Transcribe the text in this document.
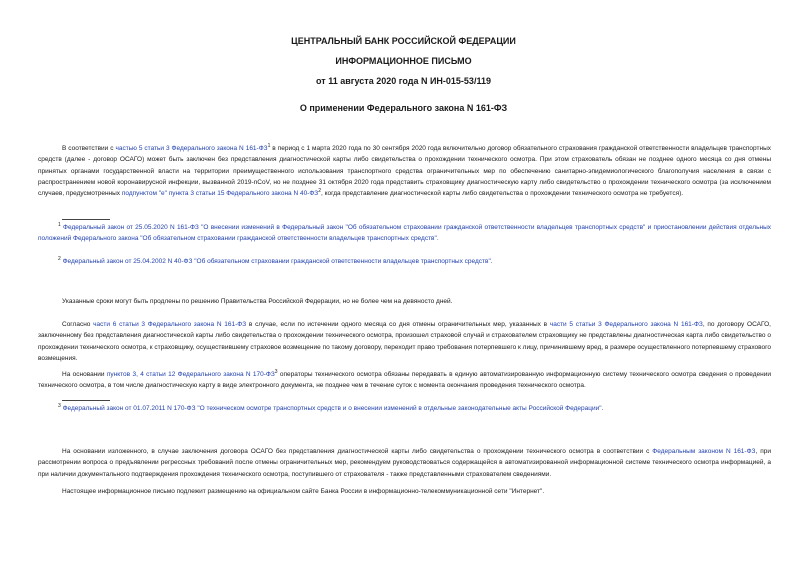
ЦЕНТРАЛЬНЫЙ БАНК РОССИЙСКОЙ ФЕДЕРАЦИИ
ИНФОРМАЦИОННОЕ ПИСЬМО
от 11 августа 2020 года N ИН-015-53/119
О применении Федерального закона N 161-ФЗ

В соответствии с частью 5 статьи 3 Федерального закона N $161-ФЗ^1$ в период с 1 марта 2020 года по 30 сентября 2020 года включительно договор обязательного страхования гражданской ответственности владельцев транспортных средств (далее - договор ОСАГО) может быть заключен без представления диагностической карты либо свидетельства о прохождении технического осмотра. При этом страхователь обязан не позднее одного месяца со дня отмены принятых органами государственной власти на территории преимущественного использования транспортного средства ограничительных мер по обеспечению санитарно-эпидемиологического благополучия населения в связи с распространением новой коронавирусной инфекции, вызванной 2019-nCoV, но не позднее 31 октября 2020 года представить страховщику диагностическую карту либо свидетельство о прохождении технического осмотра (за исключением случаев, предусмотренных подпунктом "е" пункта 3 статьи 15 Федерального закона N $40-ФЗ^2$, когда представление диагностической карты либо свидетельства о прохождении технического осмотра не требуется).

$^1$ Федеральный закон от 25.05.2020 N 161-ФЗ "О внесении изменений в Федеральный закон "Об обязательном страховании гражданской ответственности владельцев транспортных средств" и приостановлении действия отдельных положений Федерального закона "Об обязательном страховании гражданской ответственности владельцев транспортных средств".

$^2$ Федеральный закон от 25.04.2002 N 40-ФЗ "Об обязательном страховании гражданской ответственности владельцев транспортных средств".

Указанные сроки могут быть продлены по решению Правительства Российской Федерации, но не более чем на девяносто дней.

Согласно части 6 статьи 3 Федерального закона N 161-ФЗ в случае, если по истечении одного месяца со дня отмены ограничительных мер, указанных в части 5 статьи 3 Федерального закона N 161-ФЗ, по договору ОСАГО, заключенному без представления диагностической карты либо свидетельства о прохождении технического осмотра, произошел страховой случай и страхователем страховщику не представлены диагностическая карта либо свидетельство о прохождении технического осмотра, к страховщику, осуществившему страховое возмещение по такому договору, переходит право требования потерпевшего к лицу, причинившему вред, в размере осуществленного потерпевшему страхового возмещения.

На основании пунктов 3, 4 статьи 12 Федерального закона N $170-ФЗ^3$ операторы технического осмотра обязаны передавать в единую автоматизированную информационную систему технического осмотра сведения о проведении технического осмотра, в том числе диагностическую карту в виде электронного документа, не позднее чем в течение суток с момента окончания проведения технического осмотра.

$^3$ Федеральный закон от 01.07.2011 N 170-ФЗ "О техническом осмотре транспортных средств и о внесении изменений в отдельные законодательные акты Российской Федерации".

На основании изложенного, в случае заключения договора ОСАГО без представления диагностической карты либо свидетельства о прохождении технического осмотра в соответствии с Федеральным законом N 161-ФЗ, при рассмотрении вопроса о предъявлении регрессных требований после отмены ограничительных мер, рекомендуем руководствоваться содержащейся в автоматизированной информационной системе технического осмотра информацией, а при наличии документального подтверждения прохождения технического осмотра, поступившего от страхователя - также представленными страхователем сведениями.

Настоящее информационное письмо подлежит размещению на официальном сайте Банка России в информационно-телекоммуникационной сети "Интернет".
